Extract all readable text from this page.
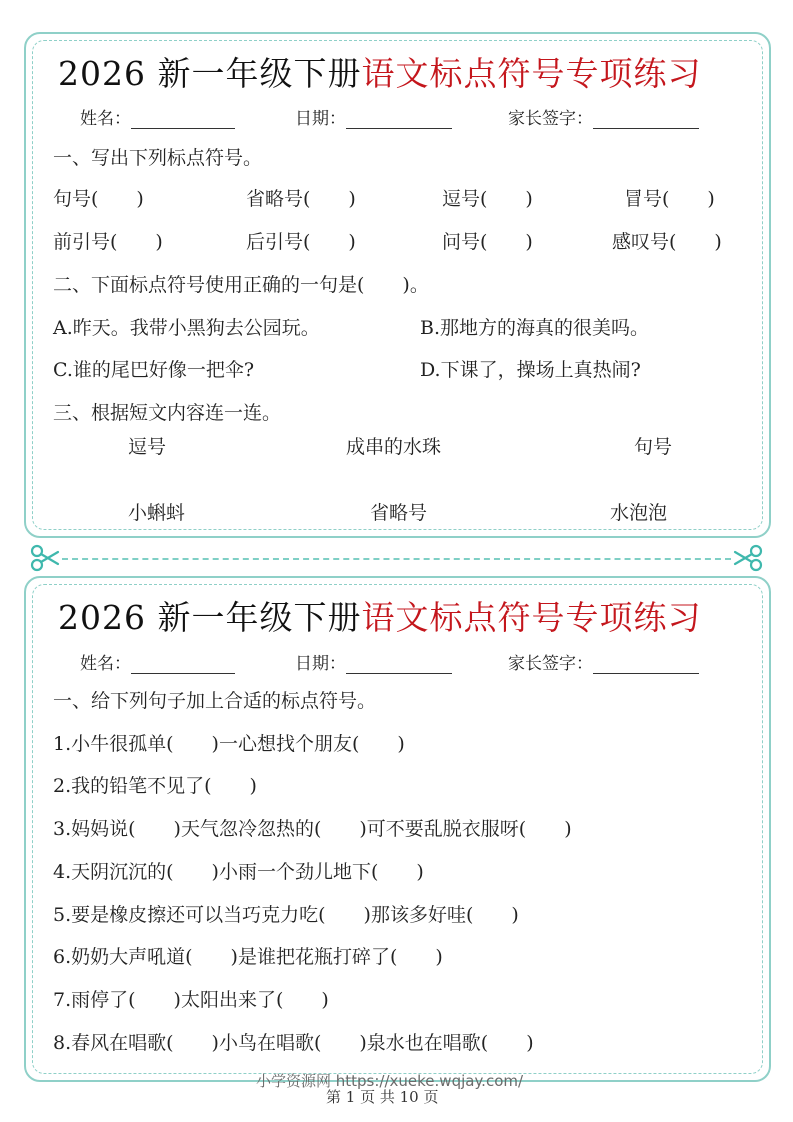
2026 新一年级下册语文标点符号专项练习
姓名：	日期：	家长签字：
一、写出下列标点符号。
句号(　　)	省略号(　　)	逗号(　　)	冒号(　　)
前引号(　　)	后引号(　　)	问号(　　)	感叹号(　　)
二、下面标点符号使用正确的一句是(　　)。
A.昨天。我带小黑狗去公园玩。	B.那地方的海真的很美吗。
C.谁的尾巴好像一把伞?	D.下课了，操场上真热闹?
三、根据短文内容连一连。
逗号	成串的水珠	句号
小蝌蚪	省略号	水泡泡
2026 新一年级下册语文标点符号专项练习
姓名：	日期：	家长签字：
一、给下列句子加上合适的标点符号。
1.小牛很孤单(　　)一心想找个朋友(　　)
2.我的铅笔不见了(　　)
3.妈妈说(　　)天气忽冷忽热的(　　)可不要乱脱衣服呀(　　)
4.天阴沉沉的(　　)小雨一个劲儿地下(　　)
5.要是橡皮擦还可以当巧克力吃(　　)那该多好哇(　　)
6.奶奶大声吼道(　　)是谁把花瓶打碎了(　　)
7.雨停了(　　)太阳出来了(　　)
8.春风在唱歌(　　)小鸟在唱歌(　　)泉水也在唱歌(　　)
小学资源网 https://xueke.wqjay.com/
第 1 页 共 10 页
